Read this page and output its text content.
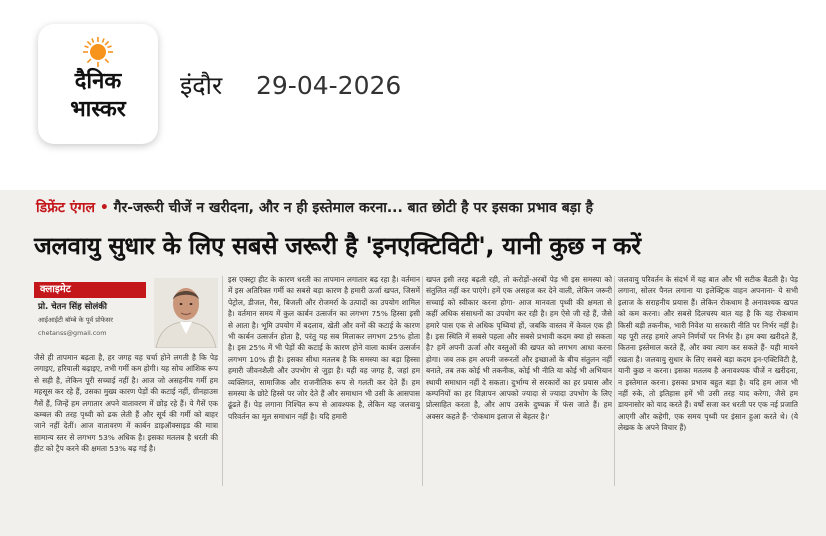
दैनिक
भास्कर
इंदौर 29-04-2026
डिफ्रेंट एंगल • गैर-जरूरी चीजें न खरीदना, और न ही इस्तेमाल करना... बात छोटी है पर इसका प्रभाव बड़ा है
जलवायु सुधार के लिए सबसे जरूरी है 'इनएक्टिविटी', यानी कुछ न करें
क्लाइमेट
प्रो. चेतन सिंह सोलंकी
आईआईटी बॉम्बे के पूर्व प्रोफेसर
chetanss@gmail.com
जैसे ही तापमान बढ़ता है, हर जगह यह चर्चा होने लगती है कि पेड़ लगाइए, हरियाली बढ़ाइए, तभी गर्मी कम होगी। यह सोच आंशिक रूप से सही है, लेकिन पूरी सच्चाई नहीं है। आज जो असहनीय गर्मी हम महसूस कर रहे हैं, उसका मुख्य कारण पेड़ों की कटाई नहीं, ग्रीनहाउस गैसें हैं, जिन्हें हम लगातार अपने वातावरण में छोड़ रहे हैं। ये गैसें एक कम्बल की तरह पृथ्वी को ढक लेती हैं और सूर्य की गर्मी को बाहर जाने नहीं देतीं। आज वातावरण में कार्बन डाइऑक्साइड की मात्रा सामान्य स्तर से लगभग 53% अधिक है। इसका मतलब है धरती की हीट को ट्रैप करने की क्षमता 53% बढ़ गई है।
इस एक्स्ट्रा हीट के कारण धरती का तापमान लगातार बढ़ रहा है। वर्तमान में इस अतिरिक्त गर्मी का सबसे बड़ा कारण है हमारी ऊर्जा खपत, जिसमें पेट्रोल, डीजल, गैस, बिजली और रोजमर्रा के उत्पादों का उपयोग शामिल है। वर्तमान समय में कुल कार्बन उत्सर्जन का लगभग 75% हिस्सा इसी से आता है। भूमि उपयोग में बदलाव, खेती और वनों की कटाई के कारण भी कार्बन उत्सर्जन होता है, परंतु यह सब मिलाकर लगभग 25% होता है। इस 25% में भी पेड़ों की कटाई के कारण होने वाला कार्बन उत्सर्जन लगभग 10% ही है। इसका सीधा मतलब है कि समस्या का बड़ा हिस्सा हमारी जीवनशैली और उपभोग से जुड़ा है। यही वह जगह है, जहां हम व्यक्तिगत, सामाजिक और राजनीतिक रूप से गलती कर देते हैं। हम समस्या के छोटे हिस्से पर जोर देते हैं और समाधान भी उसी के आसपास ढूंढते हैं। पेड़ लगाना निश्चित रूप से आवश्यक है, लेकिन यह जलवायु परिवर्तन का मूल समाधान नहीं है। यदि हमारी
खपत इसी तरह बढ़ती रही, तो करोड़ों-अरबों पेड़ भी इस समस्या को संतुलित नहीं कर पाएंगे। हमें एक असहज कर देने वाली, लेकिन जरूरी सच्चाई को स्वीकार करना होगा- आज मानवता पृथ्वी की क्षमता से कहीं अधिक संसाधनों का उपयोग कर रही है। हम ऐसे जी रहे हैं, जैसे हमारे पास एक से अधिक पृथ्वियां हों, जबकि वास्तव में केवल एक ही है। इस स्थिति में सबसे पहला और सबसे प्रभावी कदम क्या हो सकता है? हमें अपनी ऊर्जा और वस्तुओं की खपत को लगभग आधा करना होगा। जब तक हम अपनी जरूरतों और इच्छाओं के बीच संतुलन नहीं बनाते, तब तक कोई भी तकनीक, कोई भी नीति या कोई भी अभियान स्थायी समाधान नहीं दे सकता। दुर्भाग्य से सरकारों का हर प्रयास और कम्पनियों का हर विज्ञापन आपको ज्यादा से ज्यादा उपभोग के लिए प्रोत्साहित करता है, और आप उसके दुष्चक्र में फंस जाते हैं। हम अक्सर कहते हैं- 'रोकथाम इलाज से बेहतर है।'
जलवायु परिवर्तन के संदर्भ में यह बात और भी सटीक बैठती है। पेड़ लगाना, सोलर पैनल लगाना या इलेक्ट्रिक वाहन अपनाना- ये सभी इलाज के सराहनीय प्रयास हैं। लेकिन रोकथाम है अनावश्यक खपत को कम करना। और सबसे दिलचस्प बात यह है कि यह रोकथाम किसी बड़ी तकनीक, भारी निवेश या सरकारी नीति पर निर्भर नहीं है। यह पूरी तरह हमारे अपने निर्णयों पर निर्भर है। हम क्या खरीदते हैं, कितना इस्तेमाल करते हैं, और क्या त्याग कर सकते हैं- यही मायने रखता है। जलवायु सुधार के लिए सबसे बड़ा कदम इन-एक्टिविटी है, यानी कुछ न करना। इसका मतलब है अनावश्यक चीजें न खरीदना, न इस्तेमाल करना। इसका प्रभाव बहुत बड़ा है। यदि हम आज भी नहीं रुके, तो इतिहास हमें भी उसी तरह याद करेगा, जैसे हम डायनासोर को याद करते हैं। वर्षों सजा कर धरती पर एक नई प्रजाति आएगी और कहेगी, एक समय पृथ्वी पर इंसान हुआ करते थे। (ये लेखक के अपने विचार हैं)
